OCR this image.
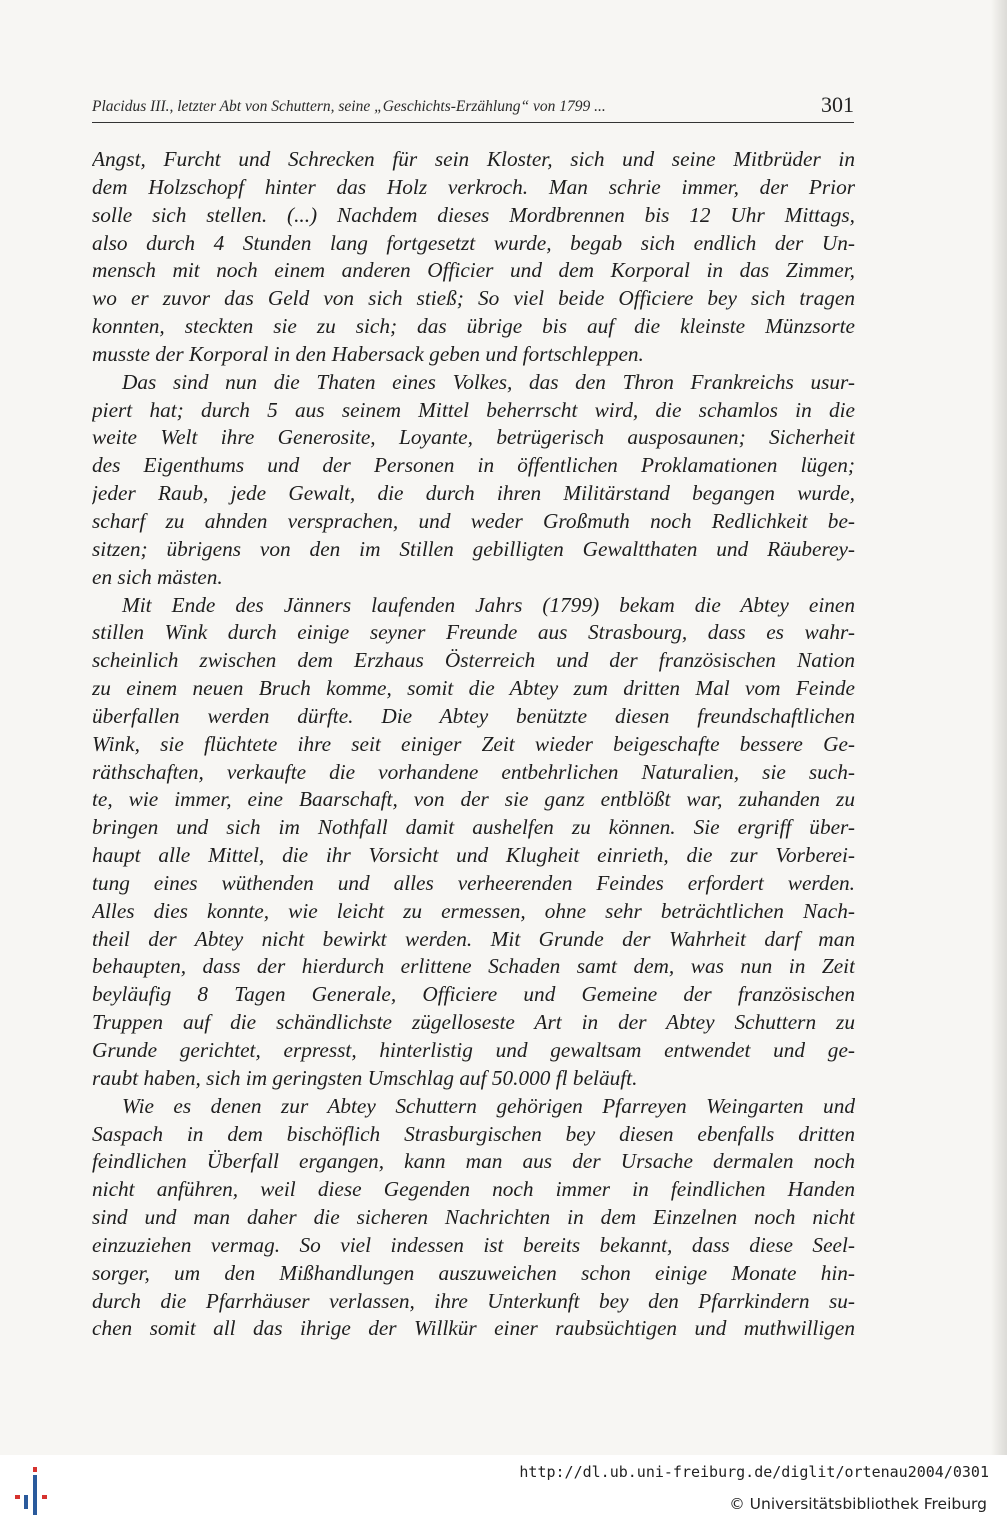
Placidus III., letzter Abt von Schuttern, seine „Geschichts-Erzählung“ von 1799 ...	301
Angst, Furcht und Schrecken für sein Kloster, sich und seine Mitbrüder in
dem Holzschopf hinter das Holz verkroch. Man schrie immer, der Prior
solle sich stellen. (...) Nachdem dieses Mordbrennen bis 12 Uhr Mittags,
also durch 4 Stunden lang fortgesetzt wurde, begab sich endlich der Un-
mensch mit noch einem anderen Officier und dem Korporal in das Zimmer,
wo er zuvor das Geld von sich stieß; So viel beide Officiere bey sich tragen
konnten, steckten sie zu sich; das übrige bis auf die kleinste Münzsorte
musste der Korporal in den Habersack geben und fortschleppen.
Das sind nun die Thaten eines Volkes, das den Thron Frankreichs usur-
piert hat; durch 5 aus seinem Mittel beherrscht wird, die schamlos in die
weite Welt ihre Generosite, Loyante, betrügerisch ausposaunen; Sicherheit
des Eigenthums und der Personen in öffentlichen Proklamationen lügen;
jeder Raub, jede Gewalt, die durch ihren Militärstand begangen wurde,
scharf zu ahnden versprachen, und weder Großmuth noch Redlichkeit be-
sitzen; übrigens von den im Stillen gebilligten Gewaltthaten und Räuberey-
en sich mästen.
Mit Ende des Jänners laufenden Jahrs (1799) bekam die Abtey einen
stillen Wink durch einige seyner Freunde aus Strasbourg, dass es wahr-
scheinlich zwischen dem Erzhaus Österreich und der französischen Nation
zu einem neuen Bruch komme, somit die Abtey zum dritten Mal vom Feinde
überfallen werden dürfte. Die Abtey benützte diesen freundschaftlichen
Wink, sie flüchtete ihre seit einiger Zeit wieder beigeschafte bessere Ge-
räthschaften, verkaufte die vorhandene entbehrlichen Naturalien, sie such-
te, wie immer, eine Baarschaft, von der sie ganz entblößt war, zuhanden zu
bringen und sich im Nothfall damit aushelfen zu können. Sie ergriff über-
haupt alle Mittel, die ihr Vorsicht und Klugheit einrieth, die zur Vorberei-
tung eines wüthenden und alles verheerenden Feindes erfordert werden.
Alles dies konnte, wie leicht zu ermessen, ohne sehr beträchtlichen Nach-
theil der Abtey nicht bewirkt werden. Mit Grunde der Wahrheit darf man
behaupten, dass der hierdurch erlittene Schaden samt dem, was nun in Zeit
beyläufig 8 Tagen Generale, Officiere und Gemeine der französischen
Truppen auf die schändlichste zügelloseste Art in der Abtey Schuttern zu
Grunde gerichtet, erpresst, hinterlistig und gewaltsam entwendet und ge-
raubt haben, sich im geringsten Umschlag auf 50.000 fl beläuft.
Wie es denen zur Abtey Schuttern gehörigen Pfarreyen Weingarten und
Saspach in dem bischöflich Strasburgischen bey diesen ebenfalls dritten
feindlichen Überfall ergangen, kann man aus der Ursache dermalen noch
nicht anführen, weil diese Gegenden noch immer in feindlichen Handen
sind und man daher die sicheren Nachrichten in dem Einzelnen noch nicht
einzuziehen vermag. So viel indessen ist bereits bekannt, dass diese Seel-
sorger, um den Mißhandlungen auszuweichen schon einige Monate hin-
durch die Pfarrhäuser verlassen, ihre Unterkunft bey den Pfarrkindern su-
chen somit all das ihrige der Willkür einer raubsüchtigen und muthwilligen
http://dl.ub.uni-freiburg.de/diglit/ortenau2004/0301
© Universitätsbibliothek Freiburg
